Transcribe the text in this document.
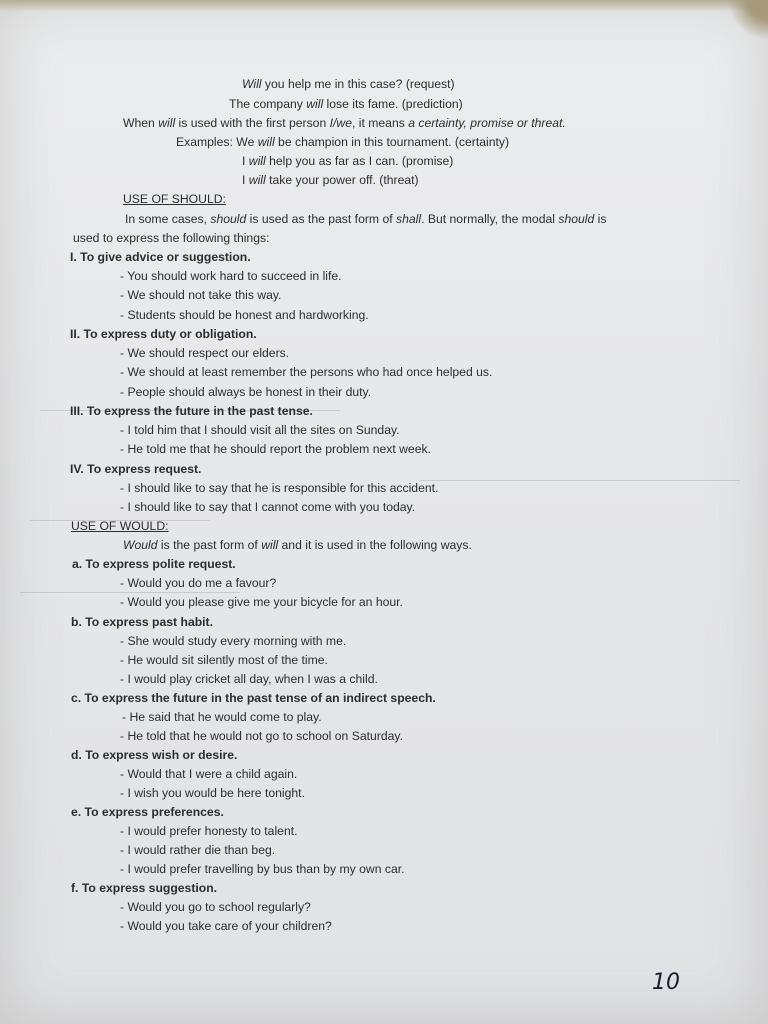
Will you help me in this case? (request)
The company will lose its fame. (prediction)
When will is used with the first person I/we, it means a certainty, promise or threat.
Examples: We will be champion in this tournament. (certainty)
I will help you as far as I can. (promise)
I will take your power off. (threat)
USE OF SHOULD:
In some cases, should is used as the past form of shall. But normally, the modal should is
used to express the following things:
I. To give advice or suggestion.
- You should work hard to succeed in life.
- We should not take this way.
- Students should be honest and hardworking.
II. To express duty or obligation.
- We should respect our elders.
- We should at least remember the persons who had once helped us.
- People should always be honest in their duty.
III. To express the future in the past tense.
- I told him that I should visit all the sites on Sunday.
- He told me that he should report the problem next week.
IV. To express request.
- I should like to say that he is responsible for this accident.
- I should like to say that I cannot come with you today.
USE OF WOULD:
Would is the past form of will and it is used in the following ways.
a. To express polite request.
- Would you do me a favour?
- Would you please give me your bicycle for an hour.
b. To express past habit.
- She would study every morning with me.
- He would sit silently most of the time.
- I would play cricket all day, when I was a child.
c. To express the future in the past tense of an indirect speech.
- He said that he would come to play.
- He told that he would not go to school on Saturday.
d. To express wish or desire.
- Would that I were a child again.
- I wish you would be here tonight.
e. To express preferences.
- I would prefer honesty to talent.
- I would rather die than beg.
- I would prefer travelling by bus than by my own car.
f. To express suggestion.
- Would you go to school regularly?
- Would you take care of your children?
10
